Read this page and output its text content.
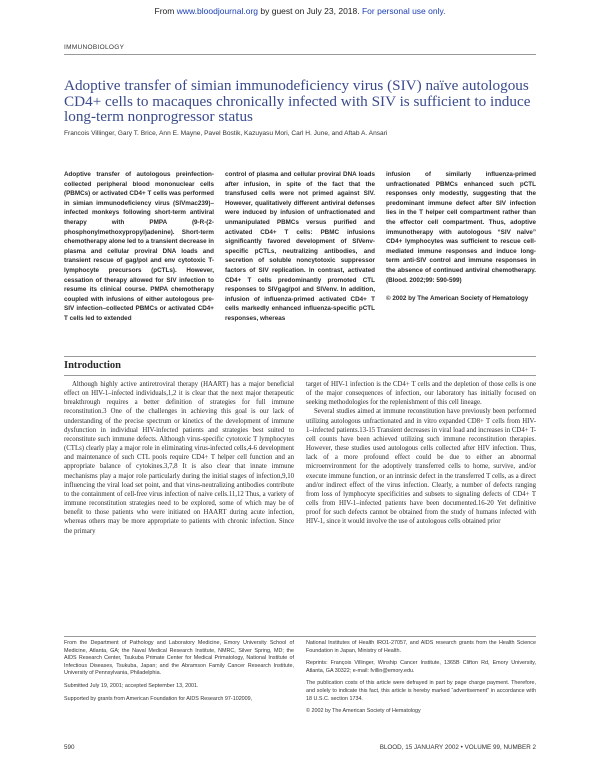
From www.bloodjournal.org by guest on July 23, 2018. For personal use only.
IMMUNOBIOLOGY
Adoptive transfer of simian immunodeficiency virus (SIV) naïve autologous CD4+ cells to macaques chronically infected with SIV is sufficient to induce long-term nonprogressor status
Francois Villinger, Gary T. Brice, Ann E. Mayne, Pavel Bostik, Kazuyasu Mori, Carl H. June, and Aftab A. Ansari

Adoptive transfer of autologous preinfection-collected peripheral blood mononuclear cells (PBMCs) or activated CD4+ T cells was performed in simian immunodeficiency virus (SIVmac239)–infected monkeys following short-term antiviral therapy with PMPA (9-R-(2-phosphonylmethoxypropyl)adenine). Short-term chemotherapy alone led to a transient decrease in plasma and cellular proviral DNA loads and transient rescue of gag/pol and env cytotoxic T-lymphocyte precursors (pCTLs). However, cessation of therapy allowed for SIV infection to resume its clinical course. PMPA chemotherapy coupled with infusions of either autologous pre-SIV infection–collected PBMCs or activated CD4+ T cells led to extended

control of plasma and cellular proviral DNA loads after infusion, in spite of the fact that the transfused cells were not primed against SIV. However, qualitatively different antiviral defenses were induced by infusion of unfractionated and unmanipulated PBMCs versus purified and activated CD4+ T cells: PBMC infusions significantly favored development of SIVenv-specific pCTLs, neutralizing antibodies, and secretion of soluble noncytotoxic suppressor factors of SIV replication. In contrast, activated CD4+ T cells predominantly promoted CTL responses to SIVgag/pol and SIVenv. In addition, infusion of influenza-primed activated CD4+ T cells markedly enhanced influenza-specific pCTL responses, whereas

infusion of similarly influenza-primed unfractionated PBMCs enhanced such pCTL responses only modestly, suggesting that the predominant immune defect after SIV infection lies in the T helper cell compartment rather than the effector cell compartment. Thus, adoptive immunotherapy with autologous “SIV naïve” CD4+ lymphocytes was sufficient to rescue cell-mediated immune responses and induce long-term anti-SIV control and immune responses in the absence of continued antiviral chemotherapy. (Blood. 2002;99: 590-599)

© 2002 by The American Society of Hematology

Introduction

Although highly active antiretroviral therapy (HAART) has a major beneficial effect on HIV-1–infected individuals,1,2 it is clear that the next major therapeutic breakthrough requires a better definition of strategies for full immune reconstitution.3 One of the challenges in achieving this goal is our lack of understanding of the precise spectrum or kinetics of the development of immune dysfunction in individual HIV-infected patients and strategies best suited to reconstitute such immune defects. Although virus-specific cytotoxic T lymphocytes (CTLs) clearly play a major role in eliminating virus-infected cells,4-6 development and maintenance of such CTL pools require CD4+ T helper cell function and an appropriate balance of cytokines.3,7,8 It is also clear that innate immune mechanisms play a major role particularly during the initial stages of infection,9,10 influencing the viral load set point, and that virus-neutralizing antibodies contribute to the containment of cell-free virus infection of naive cells.11,12 Thus, a variety of immune reconstitution strategies need to be explored, some of which may be of benefit to those patients who were initiated on HAART during acute infection, whereas others may be more appropriate to patients with chronic infection. Since the primary

target of HIV-1 infection is the CD4+ T cells and the depletion of those cells is one of the major consequences of infection, our laboratory has initially focused on seeking methodologies for the replenishment of this cell lineage.

Several studies aimed at immune reconstitution have previously been performed utilizing autologous unfractionated and in vitro expanded CD8+ T cells from HIV-1–infected patients.13-15 Transient decreases in viral load and increases in CD4+ T-cell counts have been achieved utilizing such immune reconstitution therapies. However, these studies used autologous cells collected after HIV infection. Thus, lack of a more profound effect could be due to either an abnormal microenvironment for the adoptively transferred cells to home, survive, and/or execute immune function, or an intrinsic defect in the transferred T cells, as a direct and/or indirect effect of the virus infection. Clearly, a number of defects ranging from loss of lymphocyte specificities and subsets to signaling defects of CD4+ T cells from HIV-1–infected patients have been documented.16-20 Yet definitive proof for such defects cannot be obtained from the study of humans infected with HIV-1, since it would involve the use of autologous cells obtained prior

From the Department of Pathology and Laboratory Medicine, Emory University School of Medicine, Atlanta, GA; the Naval Medical Research Institute, NMRC, Silver Spring, MD; the AIDS Research Center, Tsukuba Primate Center for Medical Primatology, National Institute of Infectious Diseases, Tsukuba, Japan; and the Abramson Family Cancer Research Institute, University of Pennsylvania, Philadelphia.

Submitted July 19, 2001; accepted September 13, 2001.

Supported by grants from American Foundation for AIDS Research 97-102009,

National Institutes of Health IRO1-27057, and AIDS research grants from the Health Science Foundation in Japan, Ministry of Health.

Reprints: François Villinger, Winship Cancer Institute, 1365B Clifton Rd, Emory University, Atlanta, GA 30322; e-mail: fvillin@emory.edu.

The publication costs of this article were defrayed in part by page charge payment. Therefore, and solely to indicate this fact, this article is hereby marked “advertisement” in accordance with 18 U.S.C. section 1734.

© 2002 by The American Society of Hematology

590	BLOOD, 15 JANUARY 2002 • VOLUME 99, NUMBER 2
